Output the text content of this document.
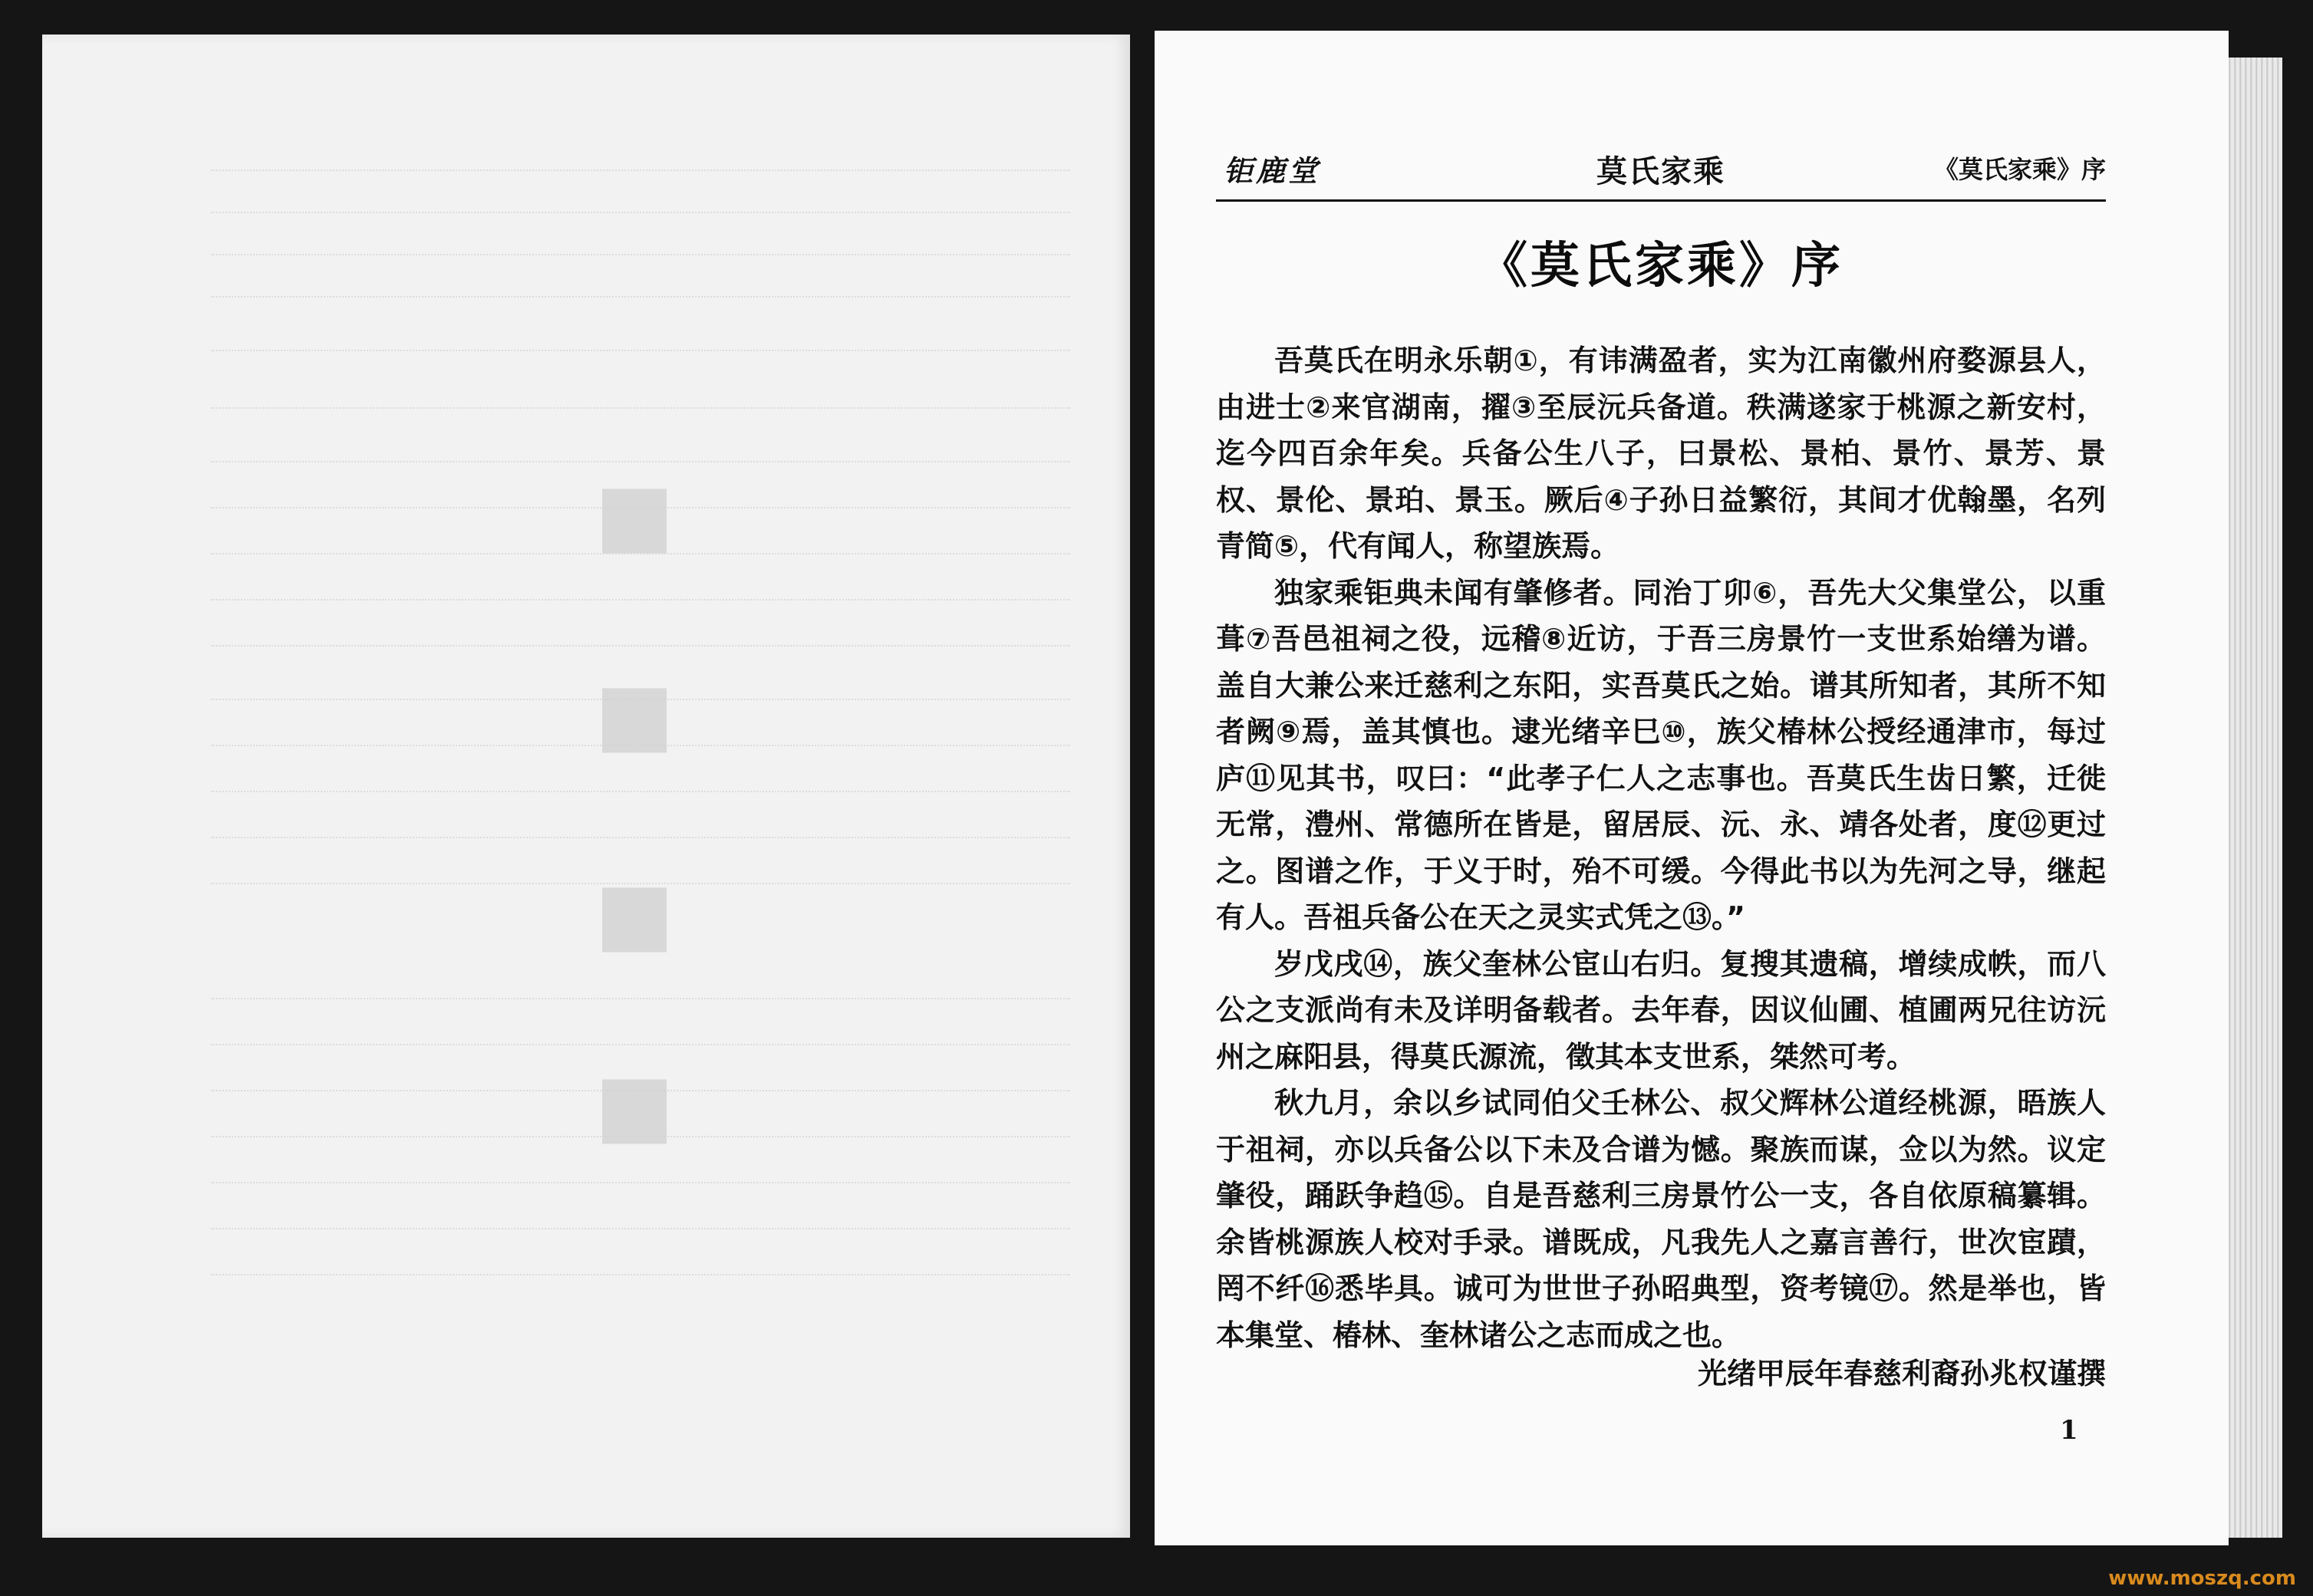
■
■
■
■
钜鹿堂	莫氏家乘	《莫氏家乘》序
《莫氏家乘》序

吾莫氏在明永乐朝①，有讳满盈者，实为江南徽州府婺源县人，由进士②来官湖南，擢③至辰沅兵备道。秩满遂家于桃源之新安村，迄今四百余年矣。兵备公生八子，曰景松、景柏、景竹、景芳、景权、景伦、景珀、景玉。厥后④子孙日益繁衍，其间才优翰墨，名列青简⑤，代有闻人，称望族焉。

独家乘钜典未闻有肇修者。同治丁卯⑥，吾先大父集堂公，以重葺⑦吾邑祖祠之役，远稽⑧近访，于吾三房景竹一支世系始缮为谱。盖自大兼公来迁慈利之东阳，实吾莫氏之始。谱其所知者，其所不知者阙⑨焉，盖其慎也。逮光绪辛巳⑩，族父椿林公授经通津市，每过庐⑪见其书，叹曰：“此孝子仁人之志事也。吾莫氏生齿日繁，迁徙无常，澧州、常德所在皆是，留居辰、沅、永、靖各处者，度⑫更过之。图谱之作，于义于时，殆不可缓。今得此书以为先河之导，继起有人。吾祖兵备公在天之灵实式凭之⑬。”

岁戊戌⑭，族父奎林公宦山右归。复搜其遗稿，增续成帙，而八公之支派尚有未及详明备载者。去年春，因议仙圃、植圃两兄往访沅州之麻阳县，得莫氏源流，徵其本支世系，桀然可考。

秋九月，余以乡试同伯父壬林公、叔父辉林公道经桃源，晤族人于祖祠，亦以兵备公以下未及合谱为憾。聚族而谋，佥以为然。议定肇役，踊跃争趋⑮。自是吾慈利三房景竹公一支，各自依原稿纂辑。余皆桃源族人校对手录。谱既成，凡我先人之嘉言善行，世次宦蹟，罔不纤⑯悉毕具。诚可为世世子孙昭典型，资考镜⑰。然是举也，皆本集堂、椿林、奎林诸公之志而成之也。

光绪甲辰年春慈利裔孙兆权谨撰
1
www.moszq.com
